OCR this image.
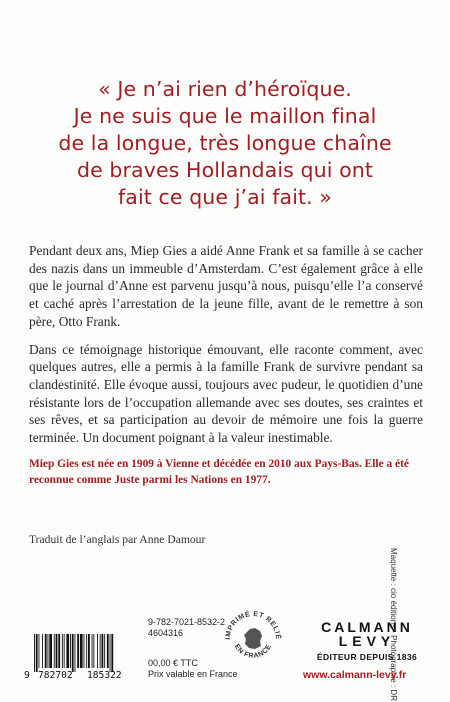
« Je n’ai rien d’héroïque.
Je ne suis que le maillon final
de la longue, très longue chaîne
de braves Hollandais qui ont
fait ce que j’ai fait. »

Pendant deux ans, Miep Gies a aidé Anne Frank et sa famille à se cacher des nazis dans un immeuble d’Amsterdam. C’est également grâce à elle que le journal d’Anne est parvenu jusqu’à nous, puisqu’elle l’a conservé et caché après l’arrestation de la jeune fille, avant de le remettre à son père, Otto Frank.

Dans ce témoignage historique émouvant, elle raconte comment, avec quelques autres, elle a permis à la famille Frank de survivre pendant sa clandestinité. Elle évoque aussi, toujours avec pudeur, le quotidien d’une résistante lors de l’occupation allemande avec ses doutes, ses craintes et ses rêves, et sa participation au devoir de mémoire une fois la guerre terminée. Un document poignant à la valeur inestimable.

Miep Gies est née en 1909 à Vienne et décédée en 2010 aux Pays-Bas. Elle a été reconnue comme Juste parmi les Nations en 1977.
Traduit de l’anglais par Anne Damour
Maquette : cio éditions - Photographie : DR
9 782702 185322
9-782-7021-8532-2
4604316
00,00 € TTC
Prix valable en France
IMPRIMÉ ET RELIÉ
EN FRANCE
CALMANN
LEVY
ÉDITEUR DEPUIS 1836
www.calmann-levy.fr
